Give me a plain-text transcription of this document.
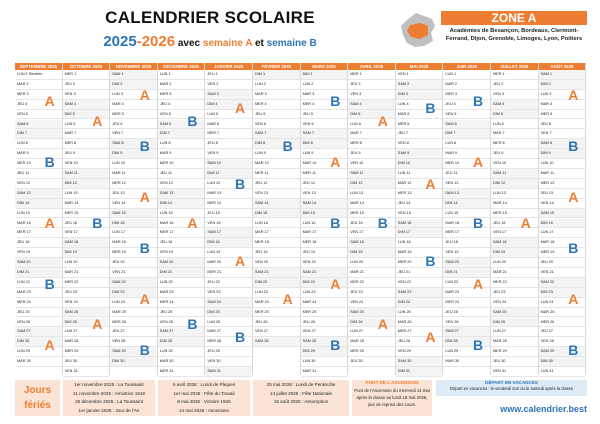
CALENDRIER SCOLAIRE
2025-2026 avec semaine A et semaine B
ZONE A
Académies de Besançon, Bordeaux, Clermont-Ferrand, Dijon, Grenoble, Limoges, Lyon, Poitiers
SEPTEMBRE 2025
LUN 1 Rentrée
MAR 2
MER 3
JEU 4
VEN 5
SAM 6
DIM 7
LUN 8
MAR 9
MER 10
JEU 11
VEN 12
SAM 13
DIM 14
LUN 15
MAR 16
MER 17
JEU 18
VEN 19
SAM 20
DIM 21
LUN 22
MAR 23
MER 24
JEU 25
VEN 26
SAM 27
DIM 28
LUN 29
MAR 30
A
B
A
B
A
OCTOBRE 2025
MER 1
JEU 2
VEN 3
SAM 4
DIM 5
LUN 6
MAR 7
MER 8
JEU 9
VEN 10
SAM 11
DIM 12
LUN 13
MAR 14
MER 15
JEU 16
VEN 17
SAM 18
DIM 19
LUN 20
MAR 21
MER 22
JEU 23
VEN 24
SAM 25
DIM 26
LUN 27
MAR 28
MER 29
JEU 30
VEN 31
A
B
A
NOVEMBRE 2025
SAM 1
DIM 2
LUN 3
MAR 4
MER 5
JEU 6
VEN 7
SAM 8
DIM 9
LUN 10
MAR 11
MER 12
JEU 13
VEN 14
SAM 15
DIM 16
LUN 17
MAR 18
MER 19
JEU 20
VEN 21
SAM 22
DIM 23
LUN 24
MAR 25
MER 26
JEU 27
VEN 28
SAM 29
DIM 30
A
B
A
B
A
B
DÉCEMBRE 2025
LUN 1
MAR 2
MER 3
JEU 4
VEN 5
SAM 6
DIM 7
LUN 8
MAR 9
MER 10
JEU 11
VEN 12
SAM 13
DIM 14
LUN 15
MAR 16
MER 17
JEU 18
VEN 19
SAM 20
DIM 21
LUN 22
MAR 23
MER 24
JEU 25
VEN 26
SAM 27
DIM 28
LUN 29
MAR 30
MER 31
B
A
B
JANVIER 2026
JEU 1
VEN 2
SAM 3
DIM 4
LUN 5
MAR 6
MER 7
JEU 8
VEN 9
SAM 10
DIM 11
LUN 12
MAR 13
MER 14
JEU 15
VEN 16
SAM 17
DIM 18
LUN 19
MAR 20
MER 21
JEU 22
VEN 23
SAM 24
DIM 25
LUN 26
MAR 27
MER 28
JEU 29
VEN 30
SAM 31
A
B
A
B
FÉVRIER 2026
DIM 1
LUN 2
MAR 3
MER 4
JEU 5
VEN 6
SAM 7
DIM 8
LUN 9
MAR 10
MER 11
JEU 12
VEN 13
SAM 14
DIM 15
LUN 16
MAR 17
MER 18
JEU 19
VEN 20
SAM 21
DIM 22
LUN 23
MAR 24
MER 25
JEU 26
VEN 27
SAM 28
B
A
MARS 2026
DIM 1
LUN 2
MAR 3
MER 4
JEU 5
VEN 6
SAM 7
DIM 8
LUN 9
MAR 10
MER 11
JEU 12
VEN 13
SAM 14
DIM 15
LUN 16
MAR 17
MER 18
JEU 19
VEN 20
SAM 21
DIM 22
LUN 23
MAR 24
MER 25
JEU 26
VEN 27
SAM 28
DIM 29
LUN 30
MAR 31
B
A
B
A
B
AVRIL 2026
MER 1
JEU 2
VEN 3
SAM 4
DIM 5
LUN 6
MAR 7
MER 8
JEU 9
VEN 10
SAM 11
DIM 12
LUN 13
MAR 14
MER 15
JEU 16
VEN 17
SAM 18
DIM 19
LUN 20
MAR 21
MER 22
JEU 23
VEN 24
SAM 25
DIM 26
LUN 27
MAR 28
MER 29
JEU 30
A
B
A
MAI 2026
VEN 1
SAM 2
DIM 3
LUN 4
MAR 5
MER 6
JEU 7
VEN 8
SAM 9
DIM 10
LUN 11
MAR 12
MER 13
JEU 14
VEN 15
SAM 16
DIM 17
LUN 18
MAR 19
MER 20
JEU 21
VEN 22
SAM 23
DIM 24
LUN 25
MAR 26
MER 27
JEU 28
VEN 29
SAM 30
DIM 31
B
A
B
A
JUIN 2026
LUN 1
MAR 2
MER 3
JEU 4
VEN 5
SAM 6
DIM 7
LUN 8
MAR 9
MER 10
JEU 11
VEN 12
SAM 13
DIM 14
LUN 15
MAR 16
MER 17
JEU 18
VEN 19
SAM 20
DIM 21
LUN 22
MAR 23
MER 24
JEU 25
VEN 26
SAM 27
DIM 28
LUN 29
MAR 30
B
A
B
A
B
JUILLET 2026
MER 1
JEU 2
VEN 3
SAM 4
DIM 5
LUN 6
MAR 7
MER 8
JEU 9
VEN 10
SAM 11
DIM 12
LUN 13
MAR 14
MER 15
JEU 16
VEN 17
SAM 18
DIM 19
LUN 20
MAR 21
MER 22
JEU 23
VEN 24
SAM 25
DIM 26
LUN 27
MAR 28
MER 29
JEU 30
VEN 31
A
AOÛT 2026
SAM 1
DIM 2
LUN 3
MAR 4
MER 5
JEU 6
VEN 7
SAM 8
DIM 9
LUN 10
MAR 11
MER 12
JEU 13
VEN 14
SAM 15
DIM 16
LUN 17
MAR 18
MER 19
JEU 20
VEN 21
SAM 22
DIM 23
LUN 24
MAR 25
MER 26
JEU 27
VEN 28
SAM 29
DIM 30
LUN 31
A
B
A
B
A
B
Jours fériés
1er novembre 2025 : La Toussaint
11 novembre 2025 : Armistice 1918
25 décembre 2025 : La Toussaint
1er janvier 2026 : Jour de l'An
6 avril 2026 : Lundi de Pâques
1er mai 2026 : Fête du Travail
8 mai 2026 : Victoire 1945
14 mai 2026 : Ascension
25 mai 2026 : Lundi de Pentecôte
14 juillet 2026 : Fête Nationale
15 août 2026 : Assomption
PONT DE L'ASCENSION
Pont de l'Ascension du mercredi 14 mai après la classe au lundi 18 mai 2026, jour de reprise des cours.
DÉPART EN VACANCES
Départ en vacances : le vendredi soir ou le samedi après la classe
www.calendrier.best
